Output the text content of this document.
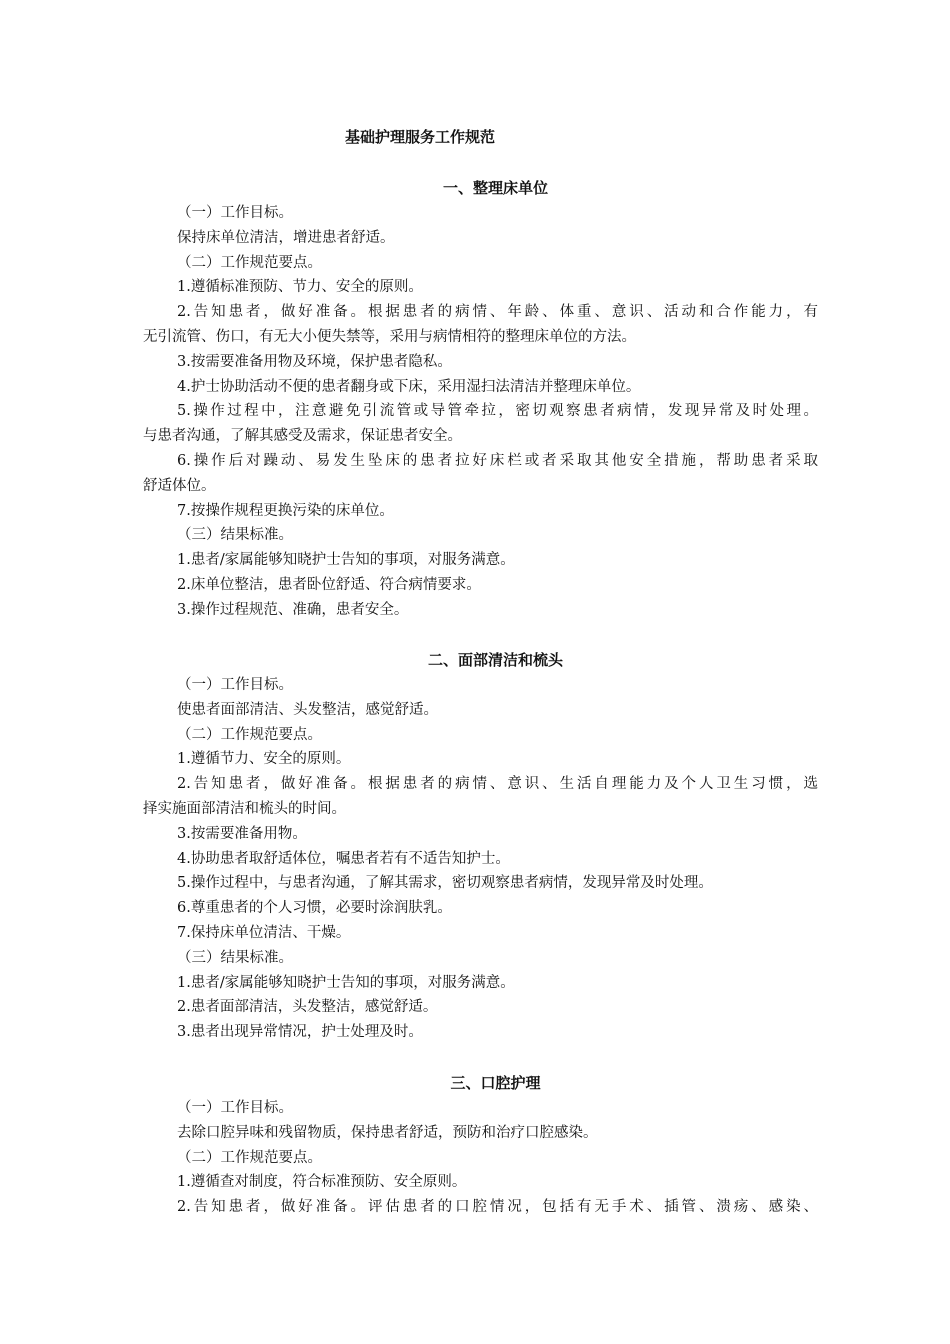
基础护理服务工作规范
一、整理床单位
（一）工作目标。
保持床单位清洁，增进患者舒适。
（二）工作规范要点。
1.遵循标准预防、节力、安全的原则。
2.告知患者，做好准备。根据患者的病情、年龄、体重、意识、活动和合作能力，有
无引流管、伤口，有无大小便失禁等，采用与病情相符的整理床单位的方法。
3.按需要准备用物及环境，保护患者隐私。
4.护士协助活动不便的患者翻身或下床，采用湿扫法清洁并整理床单位。
5.操作过程中，注意避免引流管或导管牵拉，密切观察患者病情，发现异常及时处理。
与患者沟通，了解其感受及需求，保证患者安全。
6.操作后对躁动、易发生坠床的患者拉好床栏或者采取其他安全措施，帮助患者采取
舒适体位。
7.按操作规程更换污染的床单位。
（三）结果标准。
1.患者/家属能够知晓护士告知的事项，对服务满意。
2.床单位整洁，患者卧位舒适、符合病情要求。
3.操作过程规范、准确，患者安全。
二、面部清洁和梳头
（一）工作目标。
使患者面部清洁、头发整洁，感觉舒适。
（二）工作规范要点。
1.遵循节力、安全的原则。
2.告知患者，做好准备。根据患者的病情、意识、生活自理能力及个人卫生习惯，选
择实施面部清洁和梳头的时间。
3.按需要准备用物。
4.协助患者取舒适体位，嘱患者若有不适告知护士。
5.操作过程中，与患者沟通，了解其需求，密切观察患者病情，发现异常及时处理。
6.尊重患者的个人习惯，必要时涂润肤乳。
7.保持床单位清洁、干燥。
（三）结果标准。
1.患者/家属能够知晓护士告知的事项，对服务满意。
2.患者面部清洁，头发整洁，感觉舒适。
3.患者出现异常情况，护士处理及时。
三、口腔护理
（一）工作目标。
去除口腔异味和残留物质，保持患者舒适，预防和治疗口腔感染。
（二）工作规范要点。
1.遵循查对制度，符合标准预防、安全原则。
2.告知患者，做好准备。评估患者的口腔情况，包括有无手术、插管、溃疡、感染、
